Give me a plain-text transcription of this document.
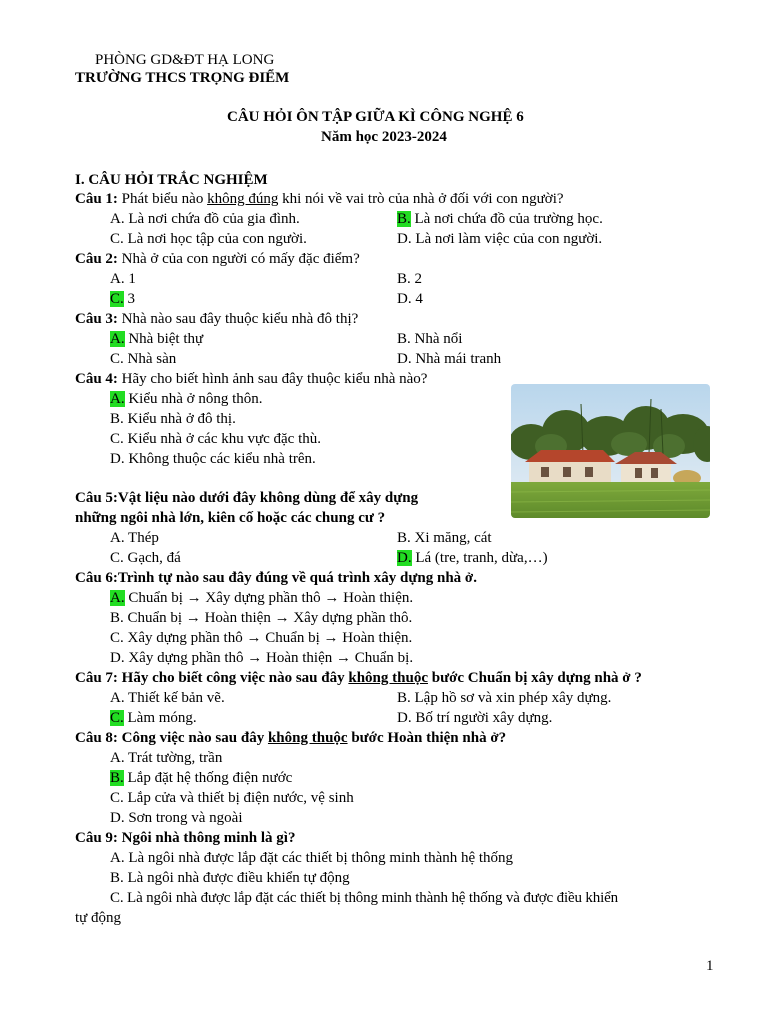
PHÒNG GD&ĐT HẠ LONG
TRƯỜNG THCS TRỌNG ĐIỂM
CÂU HỎI ÔN TẬP GIỮA KÌ CÔNG NGHỆ 6
Năm học 2023-2024
I. CÂU HỎI TRẮC NGHIỆM
Câu 1: Phát biểu nào không đúng khi nói về vai trò của nhà ở đối với con người?
A. Là nơi chứa đồ của gia đình.	B. Là nơi chứa đồ của trường học.
C. Là nơi học tập của con người.	D. Là nơi làm việc của con người.
Câu 2: Nhà ở của con người có mấy đặc điểm?
A. 1	B. 2
C. 3	D. 4
Câu 3: Nhà nào sau đây thuộc kiểu nhà đô thị?
A. Nhà biệt thự	B. Nhà nổi
C. Nhà sàn	D. Nhà mái tranh
Câu 4: Hãy cho biết hình ảnh sau đây thuộc kiểu nhà nào?
A. Kiểu nhà ở nông thôn.
B. Kiểu nhà ở đô thị.
C. Kiểu nhà ở các khu vực đặc thù.
D. Không thuộc các kiểu nhà trên.
Câu 5:Vật liệu nào dưới đây không dùng để xây dựng
những ngôi nhà lớn, kiên cố hoặc các chung cư ?
A. Thép	B. Xi măng, cát
C. Gạch, đá	D. Lá (tre, tranh, dừa,…)
Câu 6:Trình tự nào sau đây đúng về quá trình xây dựng nhà ở.
A. Chuẩn bị → Xây dựng phần thô → Hoàn thiện.
B. Chuẩn bị → Hoàn thiện → Xây dựng phần thô.
C. Xây dựng phần thô → Chuẩn bị → Hoàn thiện.
D. Xây dựng phần thô → Hoàn thiện → Chuẩn bị.
Câu 7: Hãy cho biết công việc nào sau đây không thuộc bước Chuẩn bị xây dựng nhà ở ?
A. Thiết kế bản vẽ.	B. Lập hồ sơ và xin phép xây dựng.
C. Làm móng.	D. Bố trí người xây dựng.
Câu 8: Công việc nào sau đây không thuộc bước Hoàn thiện nhà ở?
A. Trát tường, trần
B. Lắp đặt hệ thống điện nước
C. Lắp cửa và thiết bị điện nước, vệ sinh
D. Sơn trong và ngoài
Câu 9: Ngôi nhà thông minh là gì?
A. Là ngôi nhà được lắp đặt các thiết bị thông minh thành hệ thống
B. Là ngôi nhà được điều khiển tự động
C. Là ngôi nhà được lắp đặt các thiết bị thông minh thành hệ thống và được điều khiển
tự động
1
